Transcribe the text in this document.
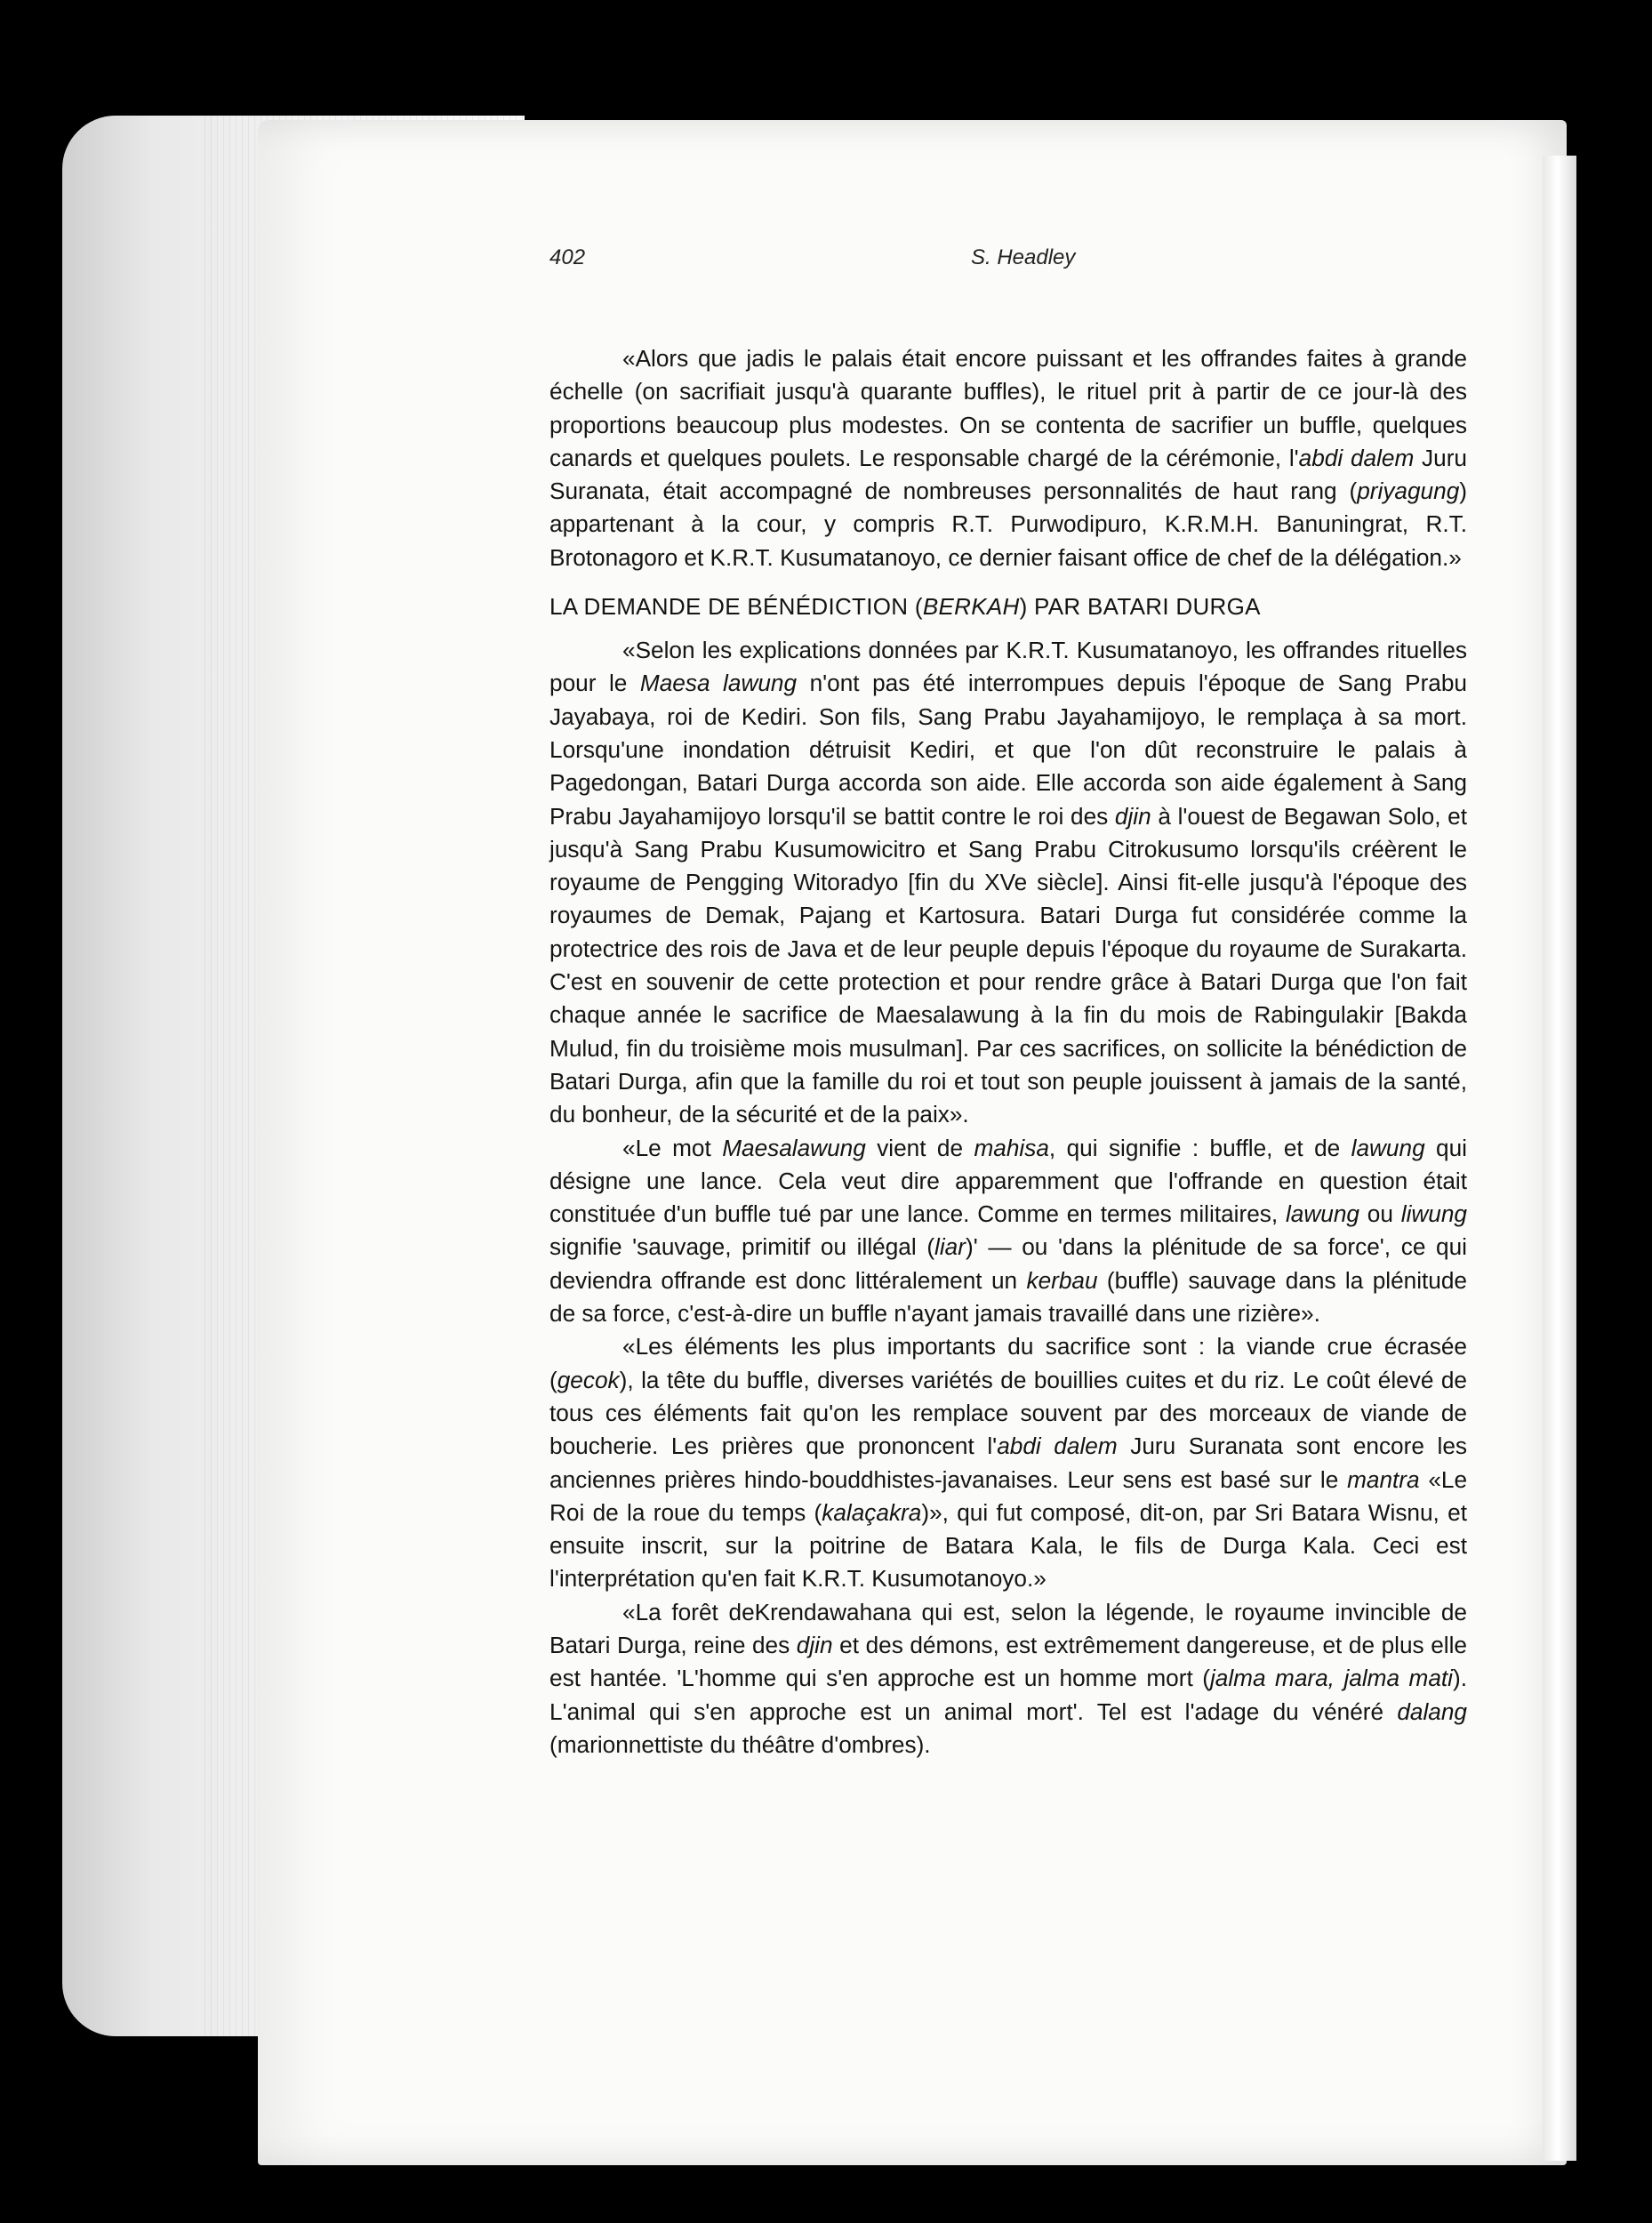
402	S. Headley

«Alors que jadis le palais était encore puissant et les offrandes faites à grande échelle (on sacrifiait jusqu'à quarante buffles), le rituel prit à partir de ce jour-là des proportions beaucoup plus modestes. On se contenta de sacrifier un buffle, quelques canards et quelques poulets. Le responsable chargé de la cérémonie, l'abdi dalem Juru Suranata, était accompagné de nombreuses personnalités de haut rang (priyagung) appartenant à la cour, y compris R.T. Purwodipuro, K.R.M.H. Banuningrat, R.T. Brotonagoro et K.R.T. Kusumatanoyo, ce dernier faisant office de chef de la délégation.»

LA DEMANDE DE BÉNÉDICTION (BERKAH) PAR BATARI DURGA

«Selon les explications données par K.R.T. Kusumatanoyo, les offrandes rituelles pour le Maesa lawung n'ont pas été interrompues depuis l'époque de Sang Prabu Jayabaya, roi de Kediri. Son fils, Sang Prabu Jayahamijoyo, le remplaça à sa mort. Lorsqu'une inondation détruisit Kediri, et que l'on dût reconstruire le palais à Pagedongan, Batari Durga accorda son aide. Elle accorda son aide également à Sang Prabu Jayahamijoyo lorsqu'il se battit contre le roi des djin à l'ouest de Begawan Solo, et jusqu'à Sang Prabu Kusumowicitro et Sang Prabu Citrokusumo lorsqu'ils créèrent le royaume de Pengging Witoradyo [fin du XVe siècle]. Ainsi fit-elle jusqu'à l'époque des royaumes de Demak, Pajang et Kartosura. Batari Durga fut considérée comme la protectrice des rois de Java et de leur peuple depuis l'époque du royaume de Surakarta. C'est en souvenir de cette protection et pour rendre grâce à Batari Durga que l'on fait chaque année le sacrifice de Maesalawung à la fin du mois de Rabingulakir [Bakda Mulud, fin du troisième mois musulman]. Par ces sacrifices, on sollicite la bénédiction de Batari Durga, afin que la famille du roi et tout son peuple jouissent à jamais de la santé, du bonheur, de la sécurité et de la paix».

«Le mot Maesalawung vient de mahisa, qui signifie : buffle, et de lawung qui désigne une lance. Cela veut dire apparemment que l'offrande en question était constituée d'un buffle tué par une lance. Comme en termes militaires, lawung ou liwung signifie 'sauvage, primitif ou illégal (liar)' — ou 'dans la plénitude de sa force', ce qui deviendra offrande est donc littéralement un kerbau (buffle) sauvage dans la plénitude de sa force, c'est-à-dire un buffle n'ayant jamais travaillé dans une rizière».

«Les éléments les plus importants du sacrifice sont : la viande crue écrasée (gecok), la tête du buffle, diverses variétés de bouillies cuites et du riz. Le coût élevé de tous ces éléments fait qu'on les remplace souvent par des morceaux de viande de boucherie. Les prières que prononcent l'abdi dalem Juru Suranata sont encore les anciennes prières hindo-bouddhistes-javanaises. Leur sens est basé sur le mantra «Le Roi de la roue du temps (kalaçakra)», qui fut composé, dit-on, par Sri Batara Wisnu, et ensuite inscrit, sur la poitrine de Batara Kala, le fils de Durga Kala. Ceci est l'interprétation qu'en fait K.R.T. Kusumotanoyo.»

«La forêt deKrendawahana qui est, selon la légende, le royaume invincible de Batari Durga, reine des djin et des démons, est extrêmement dangereuse, et de plus elle est hantée. 'L'homme qui s'en approche est un homme mort (jalma mara, jalma mati). L'animal qui s'en approche est un animal mort'. Tel est l'adage du vénéré dalang (marionnettiste du théâtre d'ombres).
